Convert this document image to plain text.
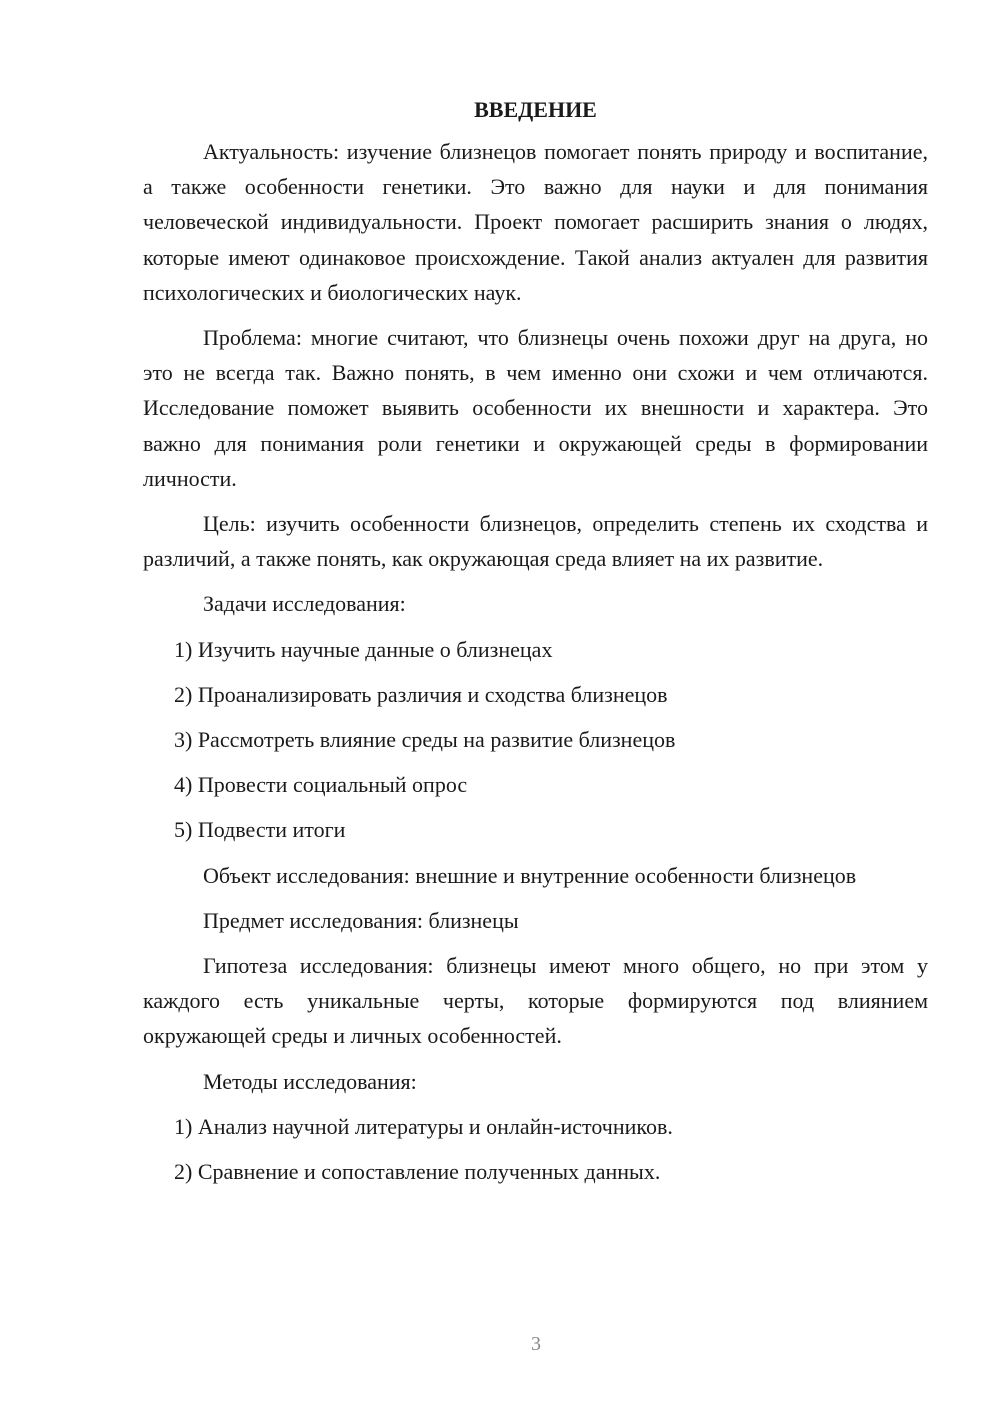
ВВЕДЕНИЕ

Актуальность: изучение близнецов помогает понять природу и воспитание, а также особенности генетики. Это важно для науки и для понимания человеческой индивидуальности. Проект помогает расширить знания о людях, которые имеют одинаковое происхождение. Такой анализ актуален для развития психологических и биологических наук.

Проблема: многие считают, что близнецы очень похожи друг на друга, но это не всегда так. Важно понять, в чем именно они схожи и чем отличаются. Исследование поможет выявить особенности их внешности и характера. Это важно для понимания роли генетики и окружающей среды в формировании личности.

Цель: изучить особенности близнецов, определить степень их сходства и различий, а также понять, как окружающая среда влияет на их развитие.

Задачи исследования:

1) Изучить научные данные о близнецах
2) Проанализировать различия и сходства близнецов
3) Рассмотреть влияние среды на развитие близнецов
4) Провести социальный опрос
5) Подвести итоги

Объект исследования: внешние и внутренние особенности близнецов

Предмет исследования: близнецы

Гипотеза исследования: близнецы имеют много общего, но при этом у каждого есть уникальные черты, которые формируются под влиянием окружающей среды и личных особенностей.

Методы исследования:

1) Анализ научной литературы и онлайн-источников.
2) Сравнение и сопоставление полученных данных.
3
